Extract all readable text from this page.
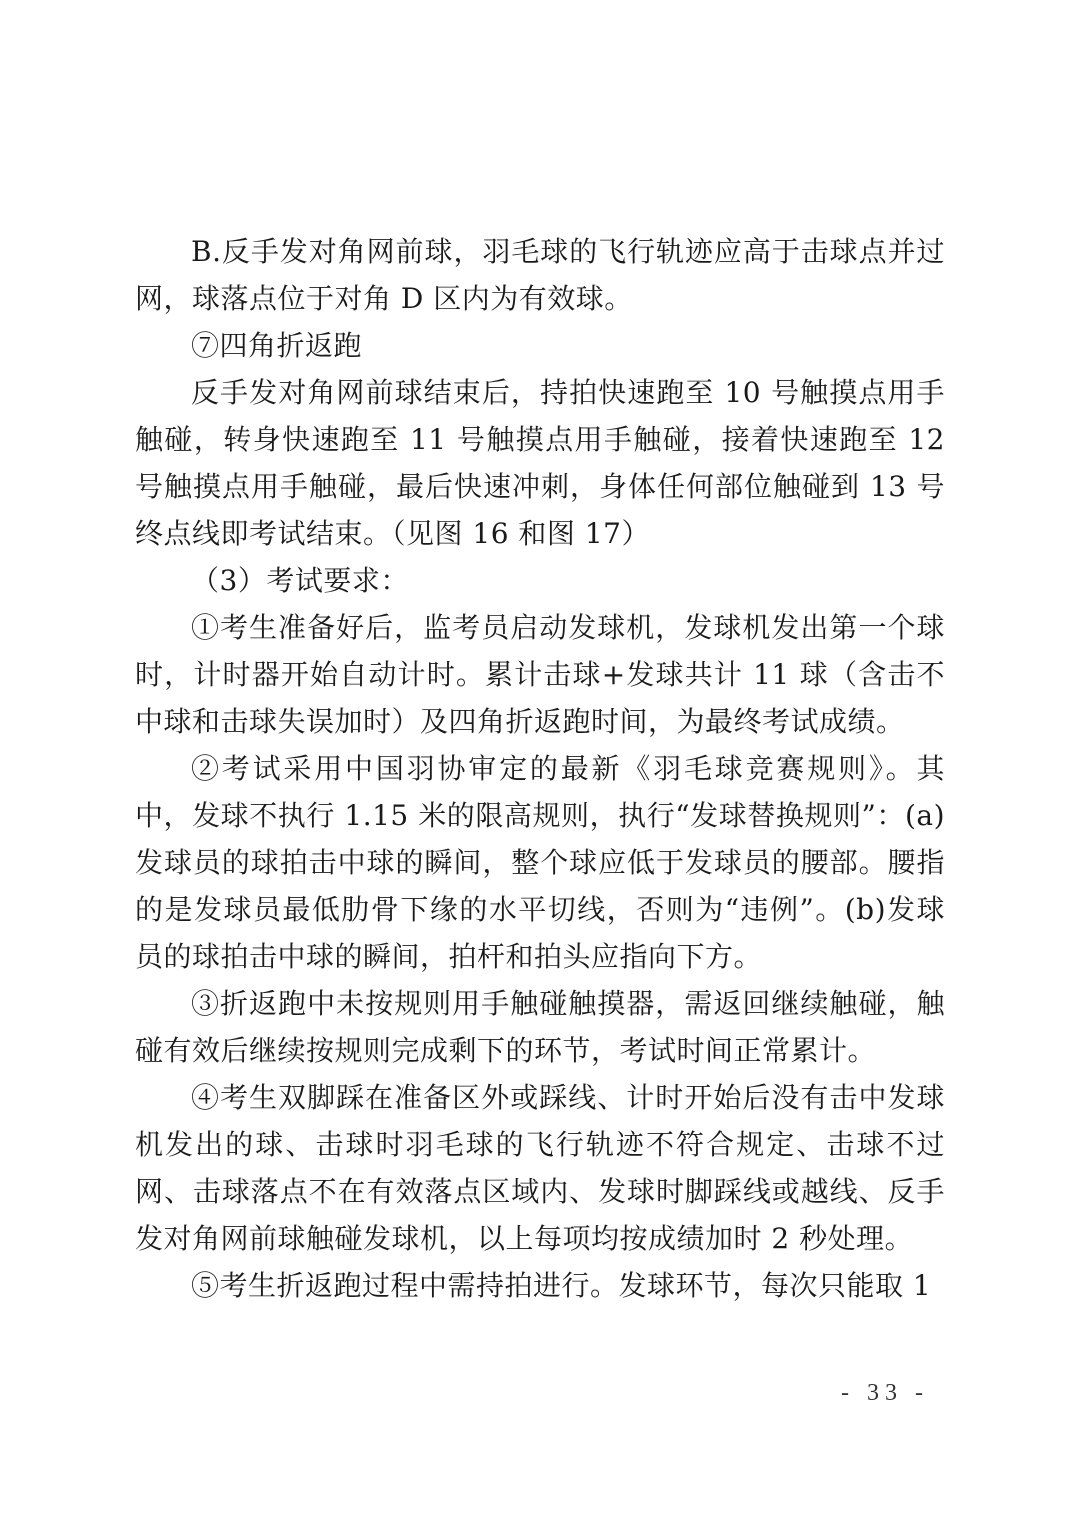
B.反手发对角网前球，羽毛球的飞行轨迹应高于击球点并过网，球落点位于对角 D 区内为有效球。

⑦四角折返跑

反手发对角网前球结束后，持拍快速跑至 10 号触摸点用手触碰，转身快速跑至 11 号触摸点用手触碰，接着快速跑至 12 号触摸点用手触碰，最后快速冲刺，身体任何部位触碰到 13 号终点线即考试结束。（见图 16 和图 17）

（3）考试要求：

①考生准备好后，监考员启动发球机，发球机发出第一个球时，计时器开始自动计时。累计击球+发球共计 11 球（含击不中球和击球失误加时）及四角折返跑时间，为最终考试成绩。

②考试采用中国羽协审定的最新《羽毛球竞赛规则》。其中，发球不执行 1.15 米的限高规则，执行“发球替换规则”：(a)发球员的球拍击中球的瞬间，整个球应低于发球员的腰部。腰指的是发球员最低肋骨下缘的水平切线，否则为“违例”。(b)发球员的球拍击中球的瞬间，拍杆和拍头应指向下方。

③折返跑中未按规则用手触碰触摸器，需返回继续触碰，触碰有效后继续按规则完成剩下的环节，考试时间正常累计。

④考生双脚踩在准备区外或踩线、计时开始后没有击中发球机发出的球、击球时羽毛球的飞行轨迹不符合规定、击球不过网、击球落点不在有效落点区域内、发球时脚踩线或越线、反手发对角网前球触碰发球机，以上每项均按成绩加时 2 秒处理。

⑤考生折返跑过程中需持拍进行。发球环节，每次只能取 1

- 33 -
